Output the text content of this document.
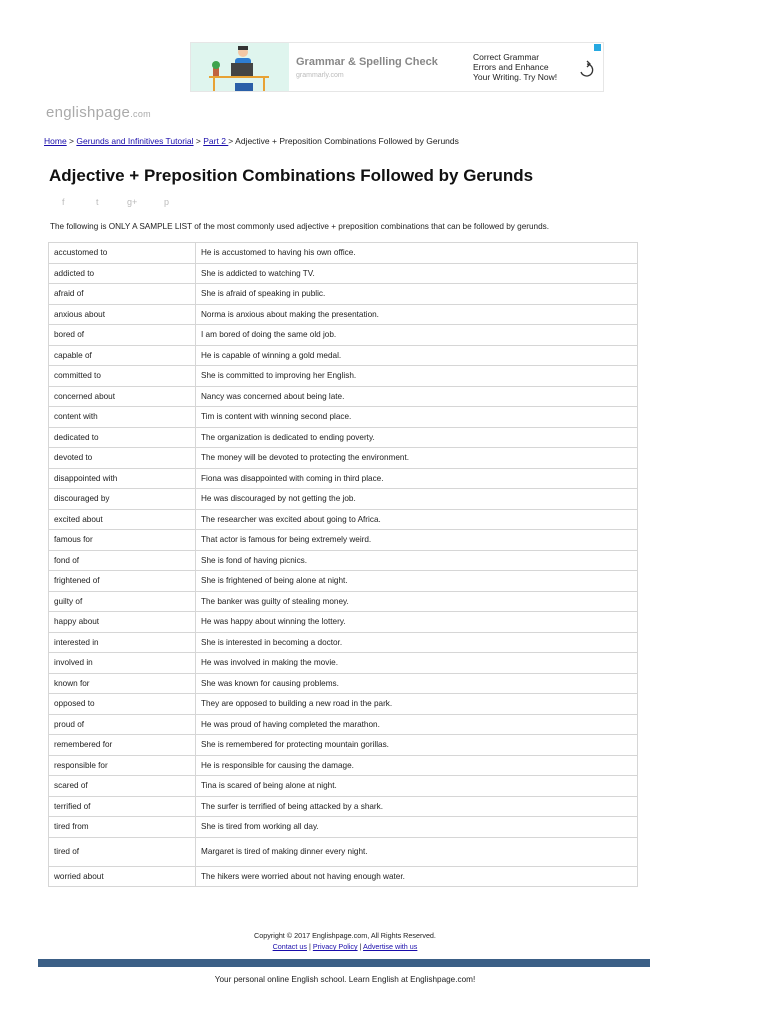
Grammar & Spelling Check
grammarly.com
Correct Grammar
Errors and Enhance
Your Writing. Try Now!
englishpage.com
Home > Gerunds and Infinitives Tutorial > Part 2 > Adjective + Preposition Combinations Followed by Gerunds
Adjective + Preposition Combinations Followed by Gerunds
f	t	g+	p
The following is ONLY A SAMPLE LIST of the most commonly used adjective + preposition combinations that can be followed by gerunds.
accustomed to	He is accustomed to having his own office.
addicted to	She is addicted to watching TV.
afraid of	She is afraid of speaking in public.
anxious about	Norma is anxious about making the presentation.
bored of	I am bored of doing the same old job.
capable of	He is capable of winning a gold medal.
committed to	She is committed to improving her English.
concerned about	Nancy was concerned about being late.
content with	Tim is content with winning second place.
dedicated to	The organization is dedicated to ending poverty.
devoted to	The money will be devoted to protecting the environment.
disappointed with	Fiona was disappointed with coming in third place.
discouraged by	He was discouraged by not getting the job.
excited about	The researcher was excited about going to Africa.
famous for	That actor is famous for being extremely weird.
fond of	She is fond of having picnics.
frightened of	She is frightened of being alone at night.
guilty of	The banker was guilty of stealing money.
happy about	He was happy about winning the lottery.
interested in	She is interested in becoming a doctor.
involved in	He was involved in making the movie.
known for	She was known for causing problems.
opposed to	They are opposed to building a new road in the park.
proud of	He was proud of having completed the marathon.
remembered for	She is remembered for protecting mountain gorillas.
responsible for	He is responsible for causing the damage.
scared of	Tina is scared of being alone at night.
terrified of	The surfer is terrified of being attacked by a shark.
tired from	She is tired from working all day.
tired of	Margaret is tired of making dinner every night.
worried about	The hikers were worried about not having enough water.
Copyright © 2017 Englishpage.com, All Rights Reserved.
Contact us | Privacy Policy | Advertise with us
Your personal online English school. Learn English at Englishpage.com!
